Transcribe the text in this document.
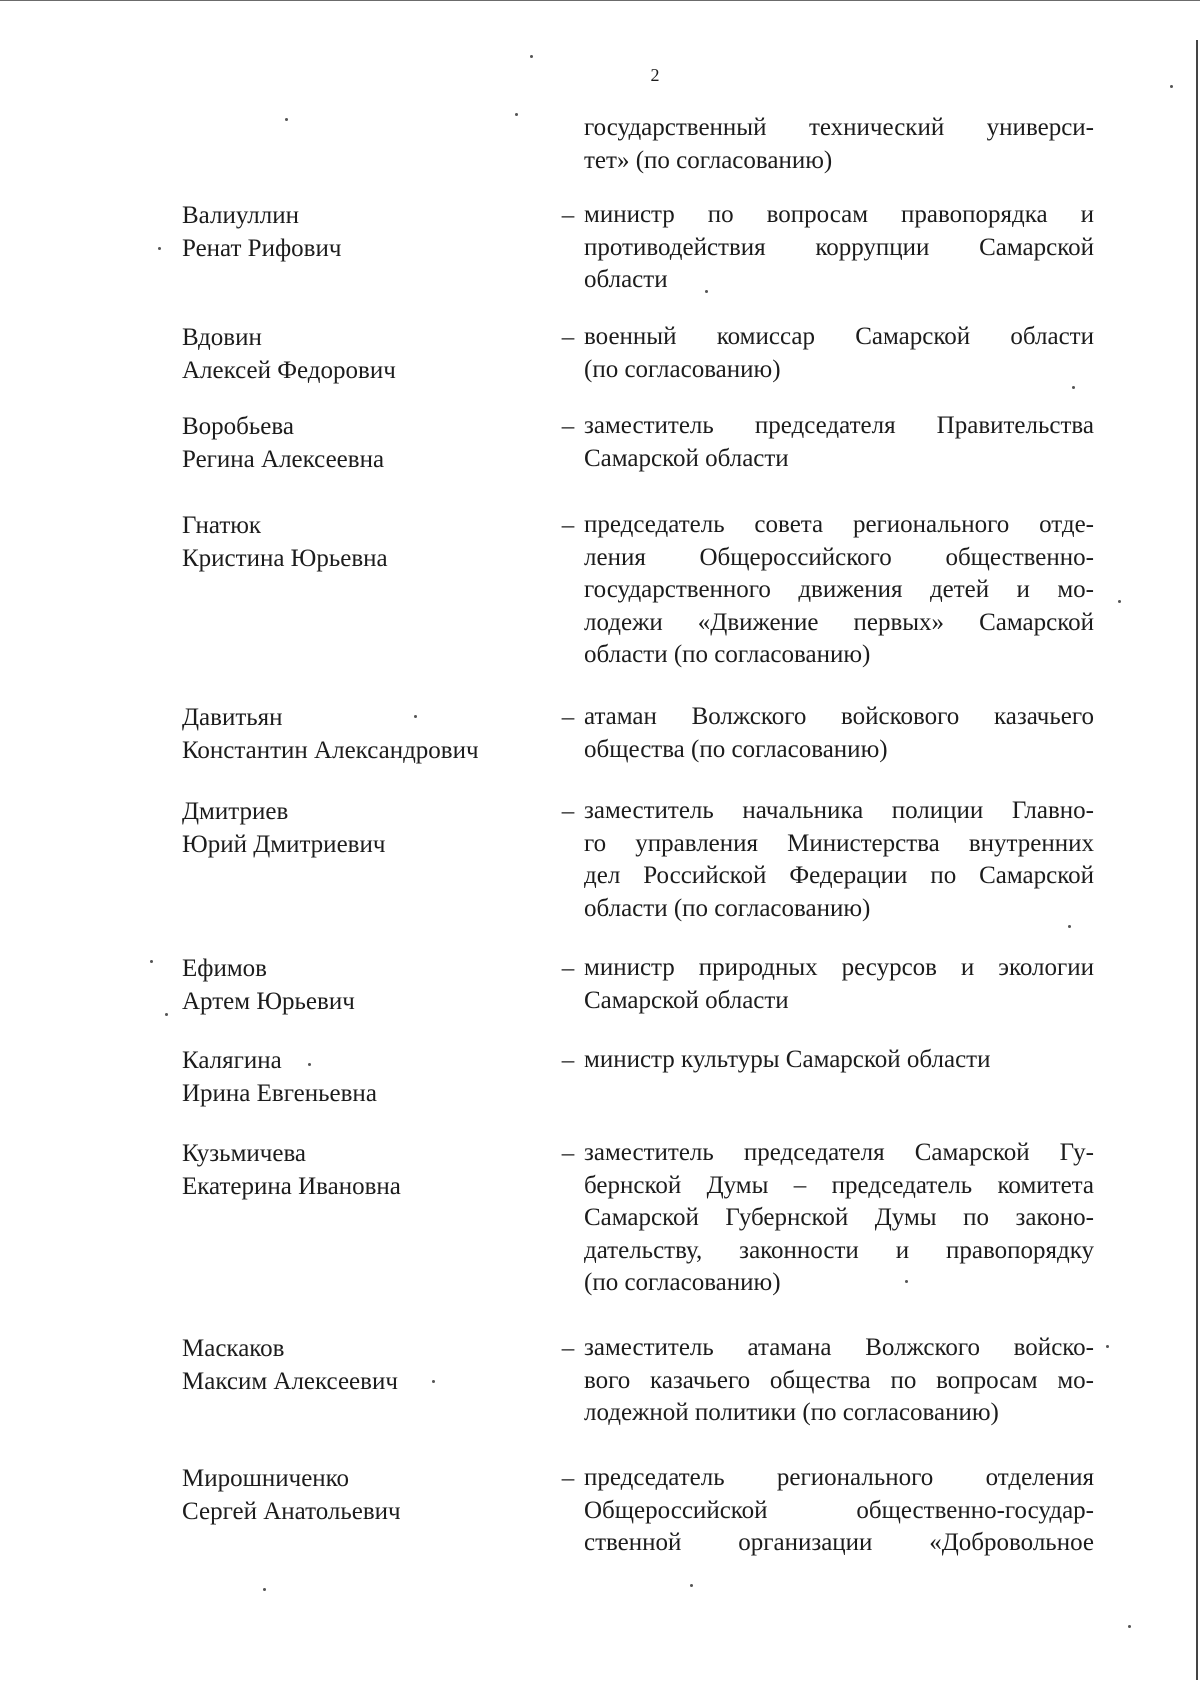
2
государственный технический универси-
тет» (по согласованию)
Валиуллин
Ренат Рифович
– министр по вопросам правопорядка и
противодействия коррупции Самарской
области
Вдовин
Алексей Федорович
– военный комиссар Самарской области
(по согласованию)
Воробьева
Регина Алексеевна
– заместитель председателя Правительства
Самарской области
Гнатюк
Кристина Юрьевна
– председатель совета регионального отде-
ления Общероссийского общественно-
государственного движения детей и мо-
лодежи «Движение первых» Самарской
области (по согласованию)
Давитьян
Константин Александрович
– атаман Волжского войскового казачьего
общества (по согласованию)
Дмитриев
Юрий Дмитриевич
– заместитель начальника полиции Главно-
го управления Министерства внутренних
дел Российской Федерации по Самарской
области (по согласованию)
Ефимов
Артем Юрьевич
– министр природных ресурсов и экологии
Самарской области
Калягина
Ирина Евгеньевна
– министр культуры Самарской области
Кузьмичева
Екатерина Ивановна
– заместитель председателя Самарской Гу-
бернской Думы – председатель комитета
Самарской Губернской Думы по законо-
дательству, законности и правопорядку
(по согласованию)
Маскаков
Максим Алексеевич
– заместитель атамана Волжского войско-
вого казачьего общества по вопросам мо-
лодежной политики (по согласованию)
Мирошниченко
Сергей Анатольевич
– председатель регионального отделения
Общероссийской общественно-государ-
ственной организации «Добровольное
